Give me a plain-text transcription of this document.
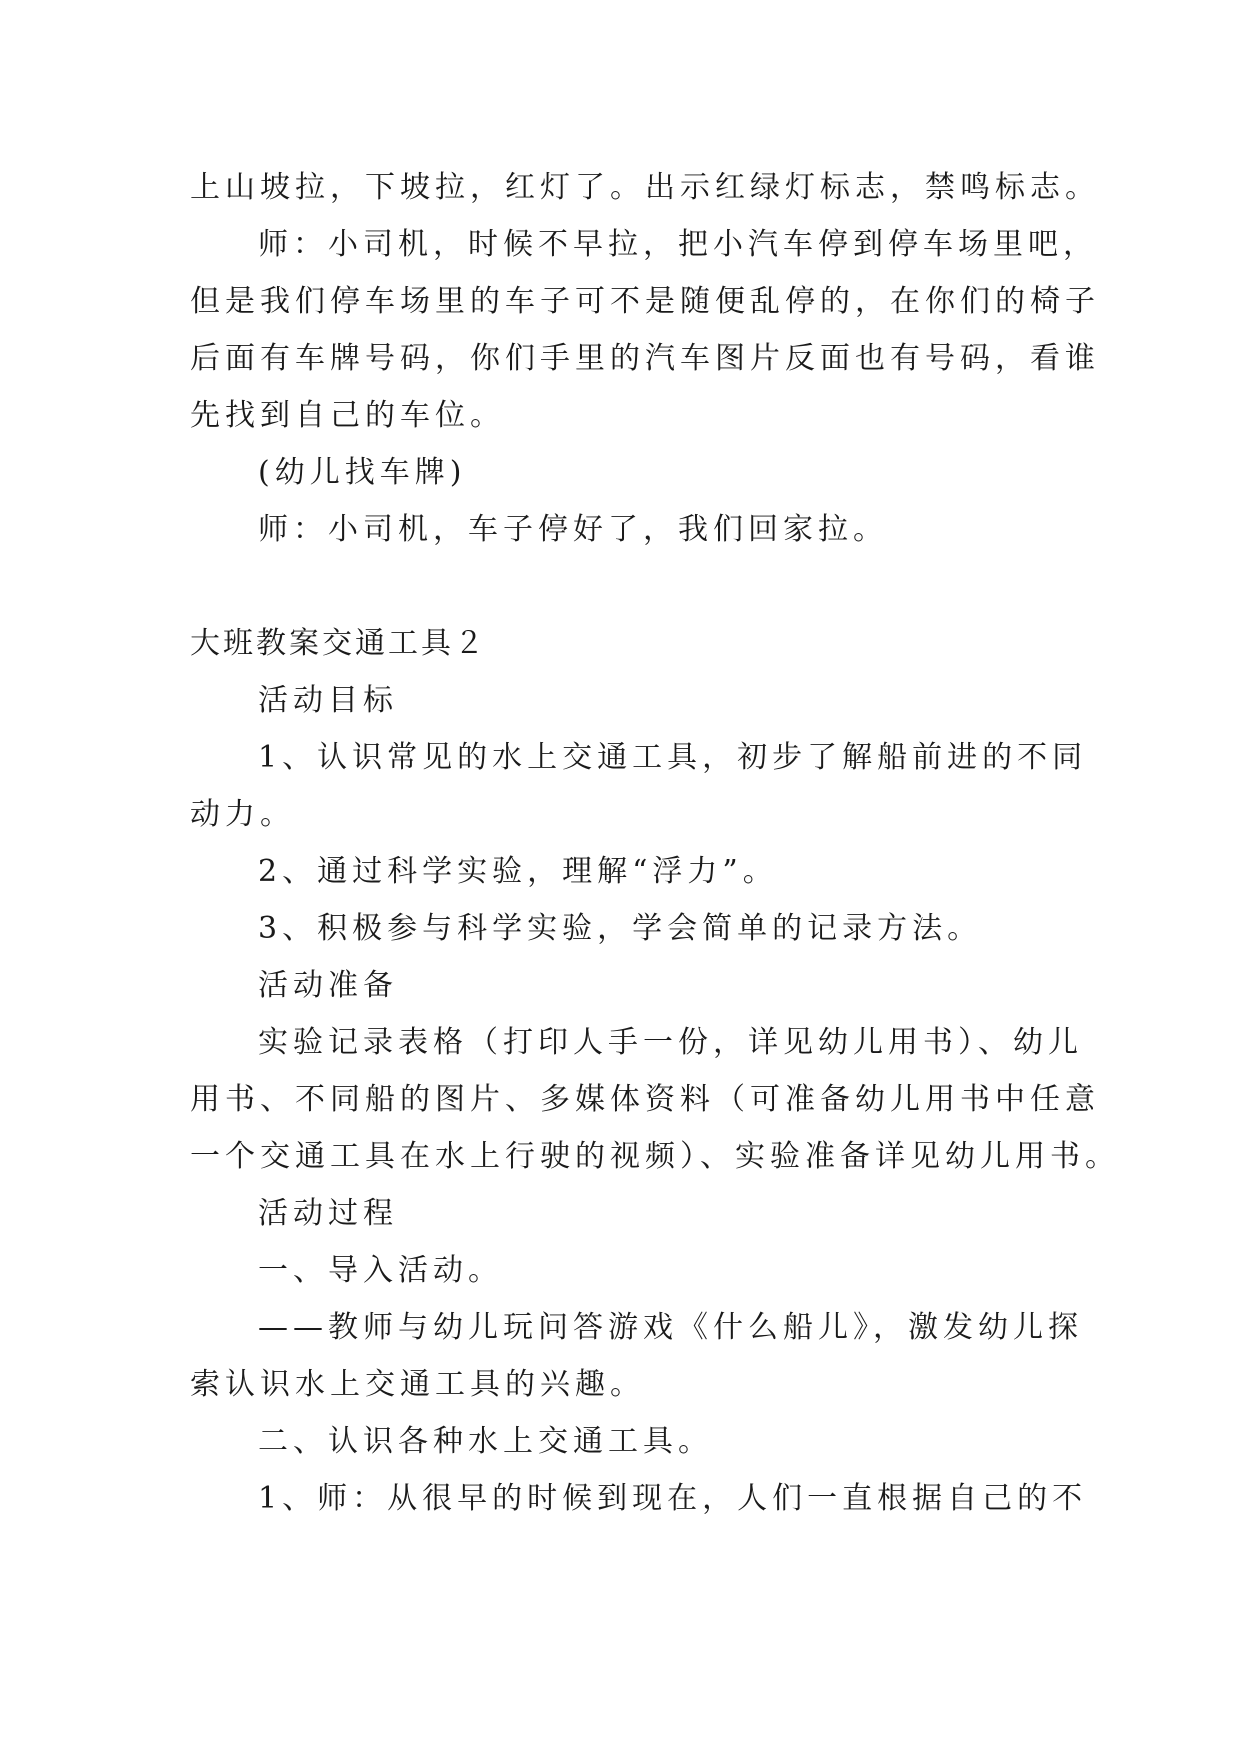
上山坡拉，下坡拉，红灯了。出示红绿灯标志，禁鸣标志。
师：小司机，时候不早拉，把小汽车停到停车场里吧，
但是我们停车场里的车子可不是随便乱停的，在你们的椅子
后面有车牌号码，你们手里的汽车图片反面也有号码，看谁
先找到自己的车位。
(幼儿找车牌)
师：小司机，车子停好了，我们回家拉。
大班教案交通工具２
活动目标
1、认识常见的水上交通工具，初步了解船前进的不同
动力。
2、通过科学实验，理解“浮力”。
3、积极参与科学实验，学会简单的记录方法。
活动准备
实验记录表格（打印人手一份，详见幼儿用书）、幼儿
用书、不同船的图片、多媒体资料（可准备幼儿用书中任意
一个交通工具在水上行驶的视频）、实验准备详见幼儿用书。
活动过程
一、导入活动。
——教师与幼儿玩问答游戏《什么船儿》，激发幼儿探
索认识水上交通工具的兴趣。
二、认识各种水上交通工具。
1、师：从很早的时候到现在，人们一直根据自己的不
